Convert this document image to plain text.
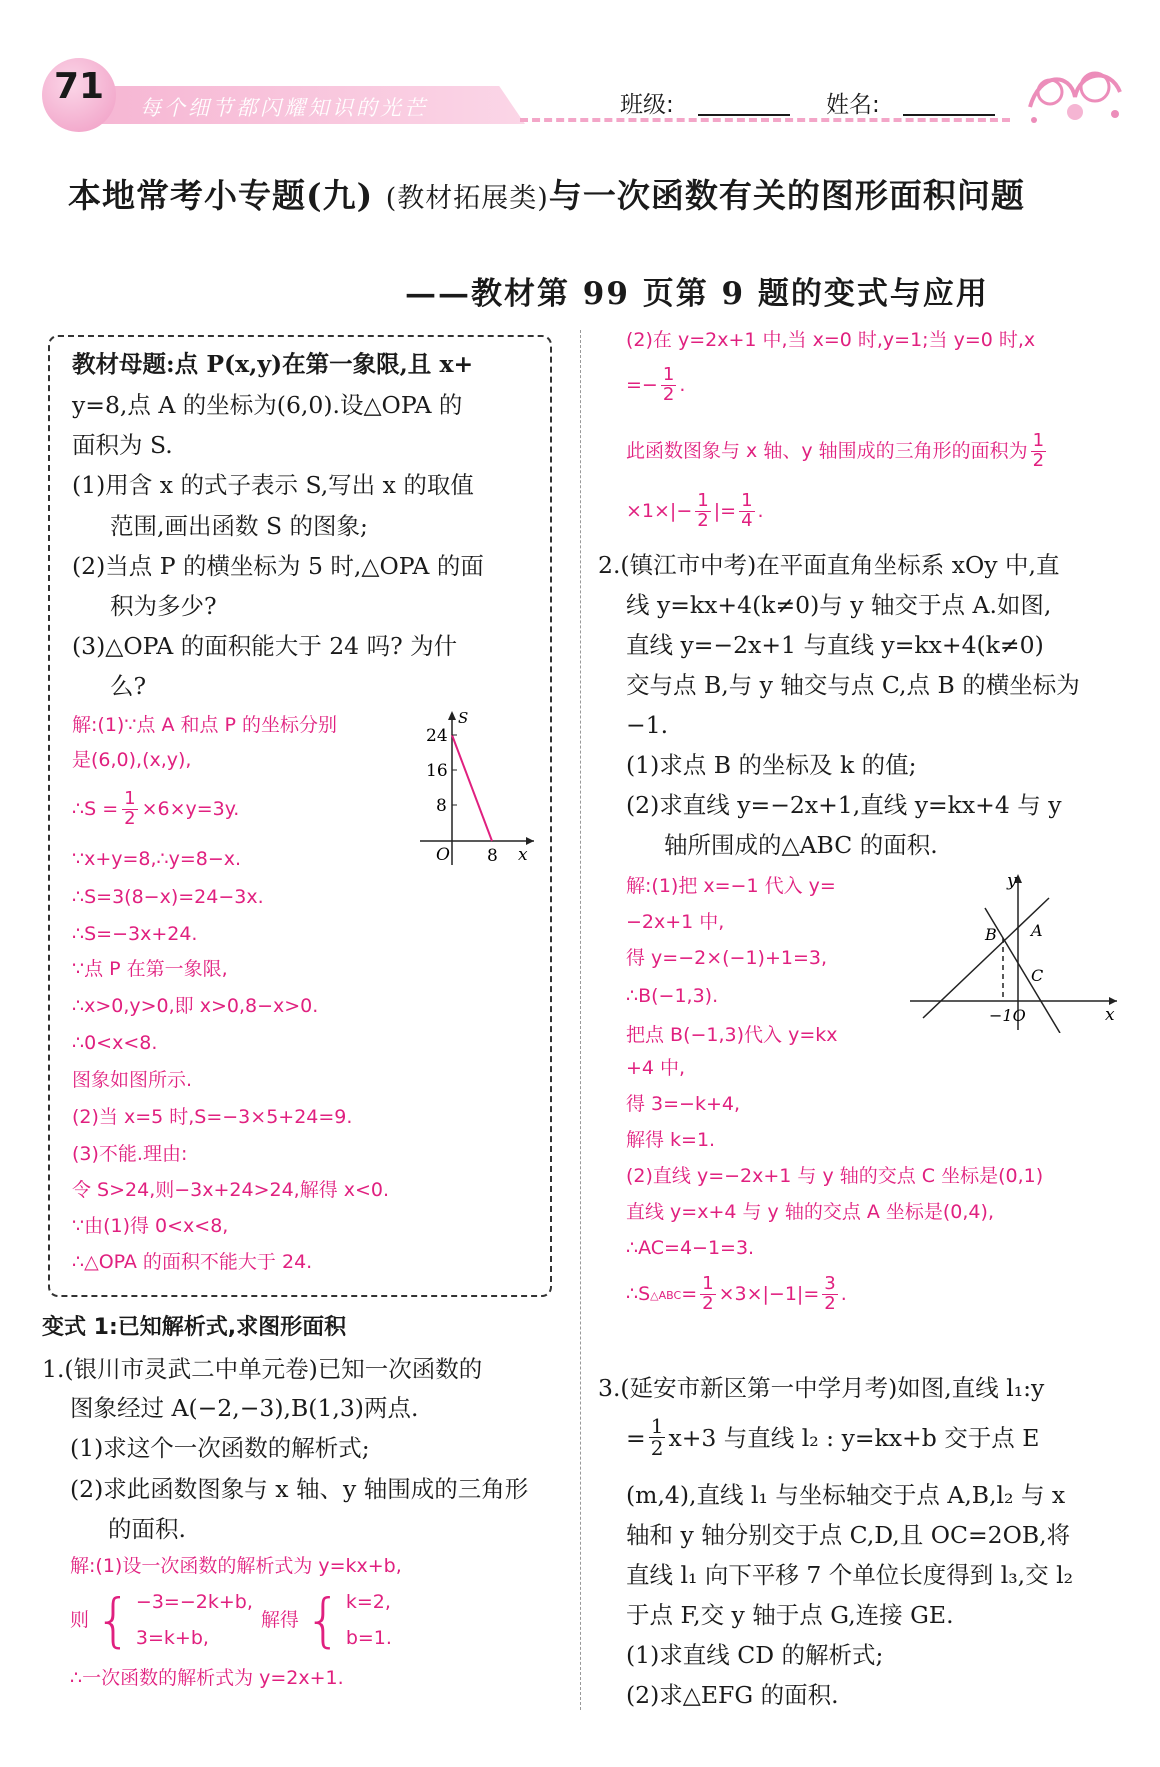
每个细节都闪耀知识的光芒
71	班级:	姓名:
本地常考小专题(九) (教材拓展类)与一次函数有关的图形面积问题
——教材第 99 页第 9 题的变式与应用
教材母题:点 P(x,y)在第一象限,且 x+
y=8,点 A 的坐标为(6,0).设△OPA 的
面积为 S.
(1)用含 x 的式子表示 S,写出 x 的取值
范围,画出函数 S 的图象;
(2)当点 P 的横坐标为 5 时,△OPA 的面
积为多少?
(3)△OPA 的面积能大于 24 吗? 为什
么?
解:(1)∵点 A 和点 P 的坐标分别
是(6,0),(x,y),
∴S = $\frac{1}{2} \times 6\times y=3y$.
∵x+y=8,∴y=8−x.
∴S=3(8−x)=24−3x.
∴S=−3x+24.
∵点 P 在第一象限,
∴x>0,y>0,即 x>0,8−x>0.
∴0<x<8.
图象如图所示.
(2)当 x=5 时,S=−3×5+24=9.
(3)不能.理由:
令 S>24,则−3x+24>24,解得 x<0.
∵由(1)得 0<x<8,
∴△OPA 的面积不能大于 24.
S
x
O
24
16
8
8
变式 1:已知解析式,求图形面积
1.(银川市灵武二中单元卷)已知一次函数的
图象经过 A(−2,−3),B(1,3)两点.
(1)求这个一次函数的解析式;
(2)求此函数图象与 x 轴、y 轴围成的三角形
的面积.
解:(1)设一次函数的解析式为 y=kx+b,
则 { −3=−2k+b,
3=k+b,
解得 { k=2,
b=1.
∴一次函数的解析式为 y=2x+1.
(2)在 y=2x+1 中,当 x=0 时,y=1;当 y=0 时,x
=− $\frac{1}{2}$ .
此函数图象与 x 轴、y 轴围成的三角形的面积为 $\frac{1}{2}$
$\times 1\times|- \frac{1}{2}$ |= $\frac{1}{4}$ .
2.(镇江市中考)在平面直角坐标系 xOy 中,直
线 y=kx+4(k≠0)与 y 轴交于点 A.如图,
直线 y=−2x+1 与直线 y=kx+4(k≠0)
交与点 B,与 y 轴交与点 C,点 B 的横坐标为
−1.
(1)求点 B 的坐标及 k 的值;
(2)求直线 y=−2x+1,直线 y=kx+4 与 y
轴所围成的△ABC 的面积.
解:(1)把 x=−1 代入 y=
−2x+1 中,
得 y=−2×(−1)+1=3,
∴B(−1,3).
把点 B(−1,3)代入 y=kx
+4 中,
得 3=−k+4,
解得 k=1.
(2)直线 y=−2x+1 与 y 轴的交点 C 坐标是(0,1)
直线 y=x+4 与 y 轴的交点 A 坐标是(0,4),
∴AC=4−1=3.
∴S △ABC = $\frac{1}{2} \times 3\times|-1|= \frac{3}{2}$ .
y
x
A
B
C
−1O
3.(延安市新区第一中学月考)如图,直线 l₁:y
= $\frac{1}{2} x+3$ 与直线 l₂ : y=kx+b 交于点 E
(m,4),直线 l₁ 与坐标轴交于点 A,B,l₂ 与 x
轴和 y 轴分别交于点 C,D,且 OC=2OB,将
直线 l₁ 向下平移 7 个单位长度得到 l₃,交 l₂
于点 F,交 y 轴于点 G,连接 GE.
(1)求直线 CD 的解析式;
(2)求△EFG 的面积.
